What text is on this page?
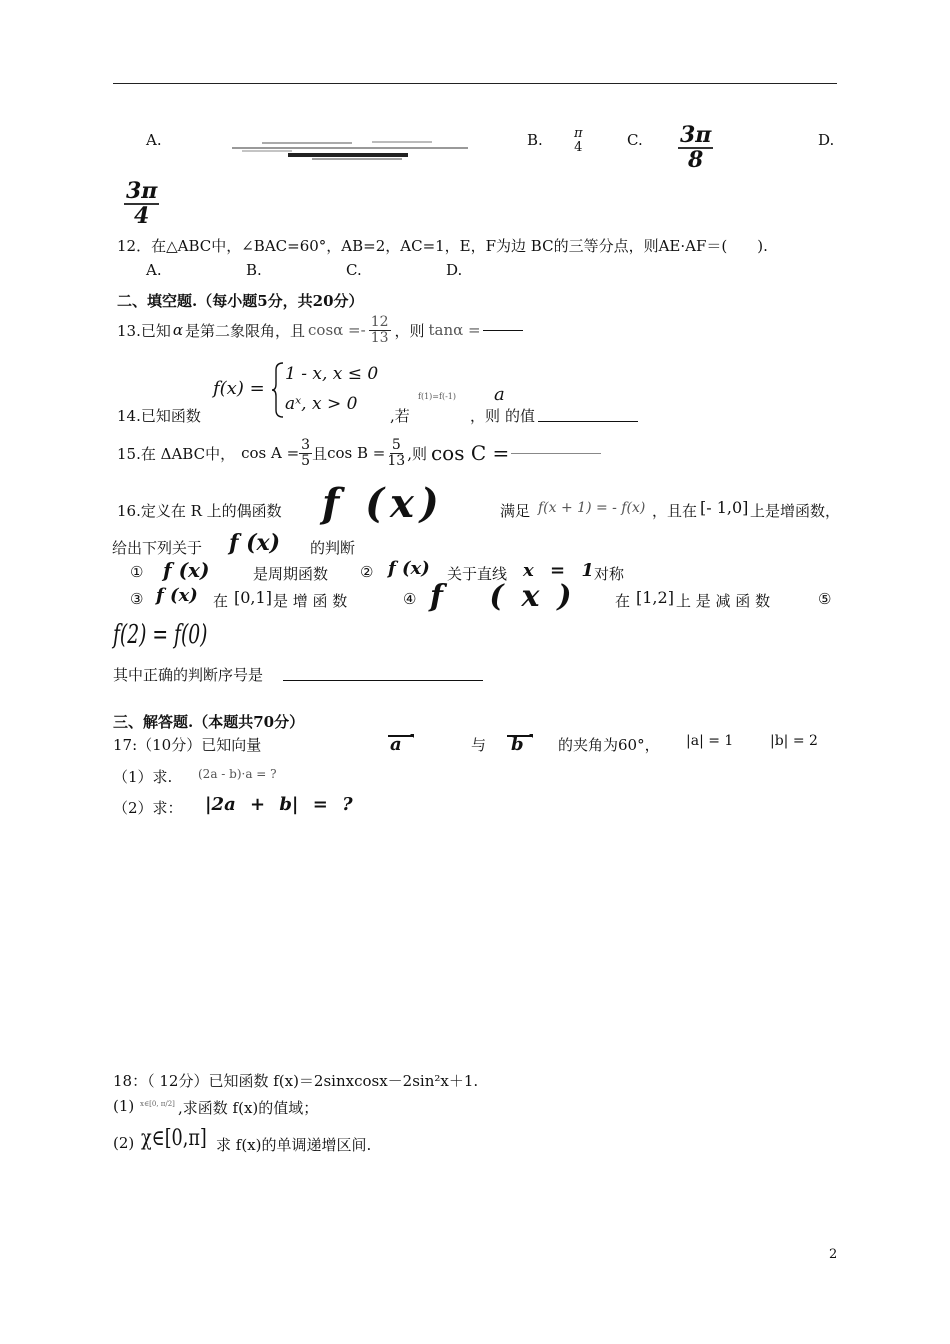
A.	B. π
4	C. $\frac{3\pi}{8}$	D.
$\frac{3\pi}{4}$
12．在△ABC中，∠BAC=60°，AB=2，AC=1，E，F为边 BC的三等分点，则AE·AF＝(　　).
A.	B.	C.	D.
二、填空题.（每小题5分，共20分）
13.已知 α 是第二象限角，且 $\cos\alpha =- \frac{12}{13}$ ，则 tanα =
14.已知函数
f(x) =
1 - x, x ≤ 0
aˣ, x > 0
,若
f(1)=f(-1)
，则
a
的值
15.在 ΔABC中， $\cos A = \frac{3}{5}$ 且 $\cos B = \frac{5}{13}$ ,则 cos C =
16.定义在 R 上的偶函数 f (x)	满足 f(x + 1) = - f(x) ，且在 [- 1,0] 上是增函数，
给出下列关于 f (x) 的判断
① f (x)	是周期函数 ② f (x) 关于直线 x = 1 对称
③ f (x) 在 [0,1] 是 增 函 数	④ f (x) 在 [1,2] 上 是 减 函 数	⑤
f(2) = f(0)
其中正确的判断序号是
三、解答题.（本题共70分）
17:（10分）已知向量	a	与 b 的夹角为60°， |a| = 1	|b| = 2
（1）求. (2a - b)·a = ?
（2）求： |2a + b| = ?
18：（ 12分）已知函数 f(x)＝2sinxcosx－2sin²x＋1.
(1) x∈[0, π/2] ,求函数 f(x)的值域；
(2) χ∈[0,π] 求 f(x)的单调递增区间.
2
